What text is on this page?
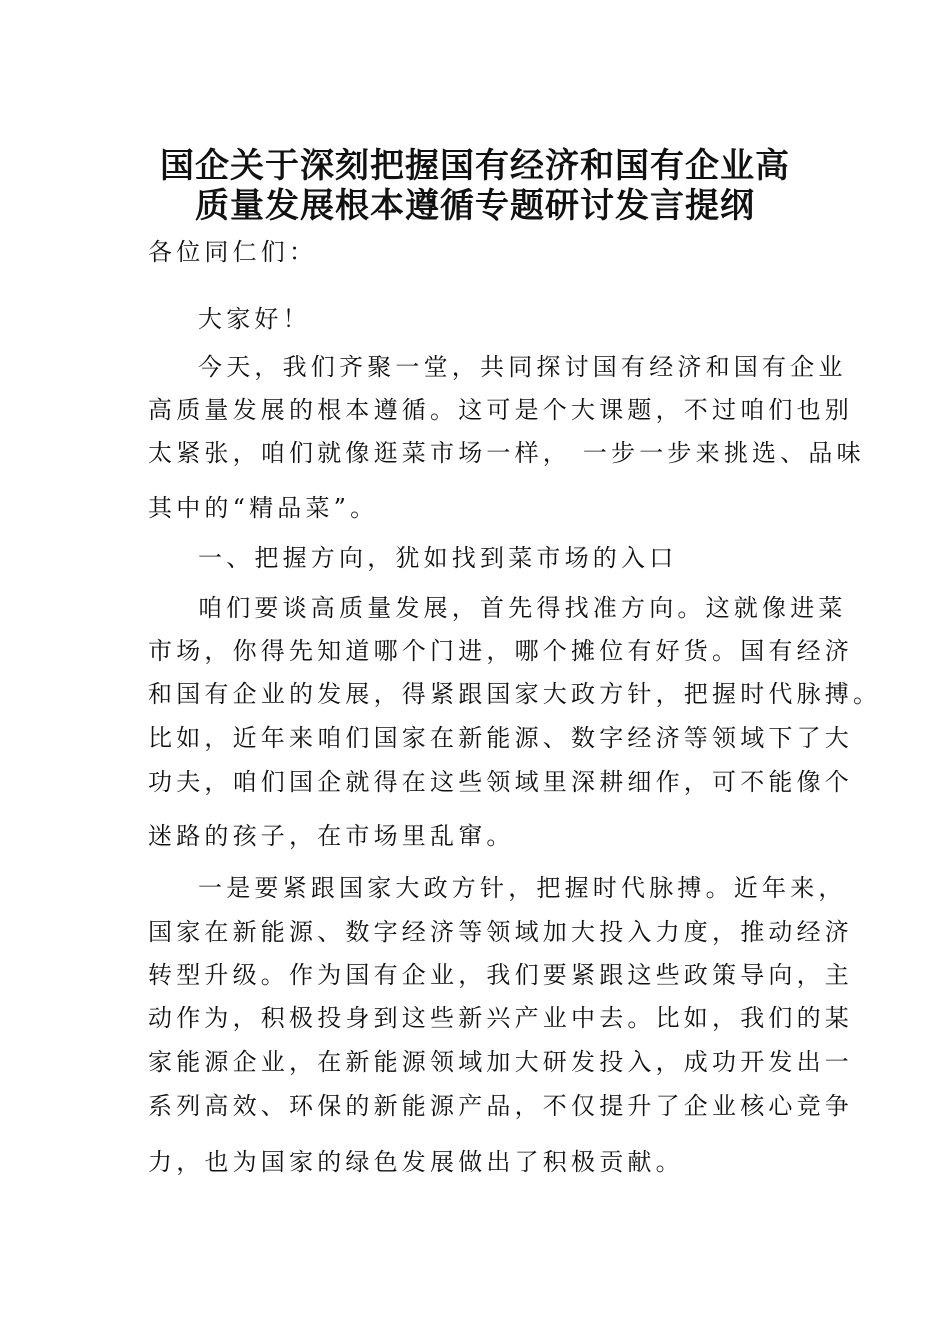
国企关于深刻把握国有经济和国有企业高
质量发展根本遵循专题研讨发言提纲

各位同仁们：

大家好！

今天，我们齐聚一堂，共同探讨国有经济和国有企业

高质量发展的根本遵循。这可是个大课题，不过咱们也别

太紧张，咱们就像逛菜市场一样， 一步一步来挑选、品味

其中的“精品菜”。

一、把握方向，犹如找到菜市场的入口

咱们要谈高质量发展，首先得找准方向。这就像进菜

市场，你得先知道哪个门进，哪个摊位有好货。国有经济

和国有企业的发展，得紧跟国家大政方针，把握时代脉搏。

比如，近年来咱们国家在新能源、数字经济等领域下了大

功夫，咱们国企就得在这些领域里深耕细作，可不能像个

迷路的孩子，在市场里乱窜。

一是要紧跟国家大政方针，把握时代脉搏。近年来，

国家在新能源、数字经济等领域加大投入力度，推动经济

转型升级。作为国有企业，我们要紧跟这些政策导向，主

动作为，积极投身到这些新兴产业中去。比如，我们的某

家能源企业，在新能源领域加大研发投入，成功开发出一

系列高效、环保的新能源产品，不仅提升了企业核心竞争

力，也为国家的绿色发展做出了积极贡献。
